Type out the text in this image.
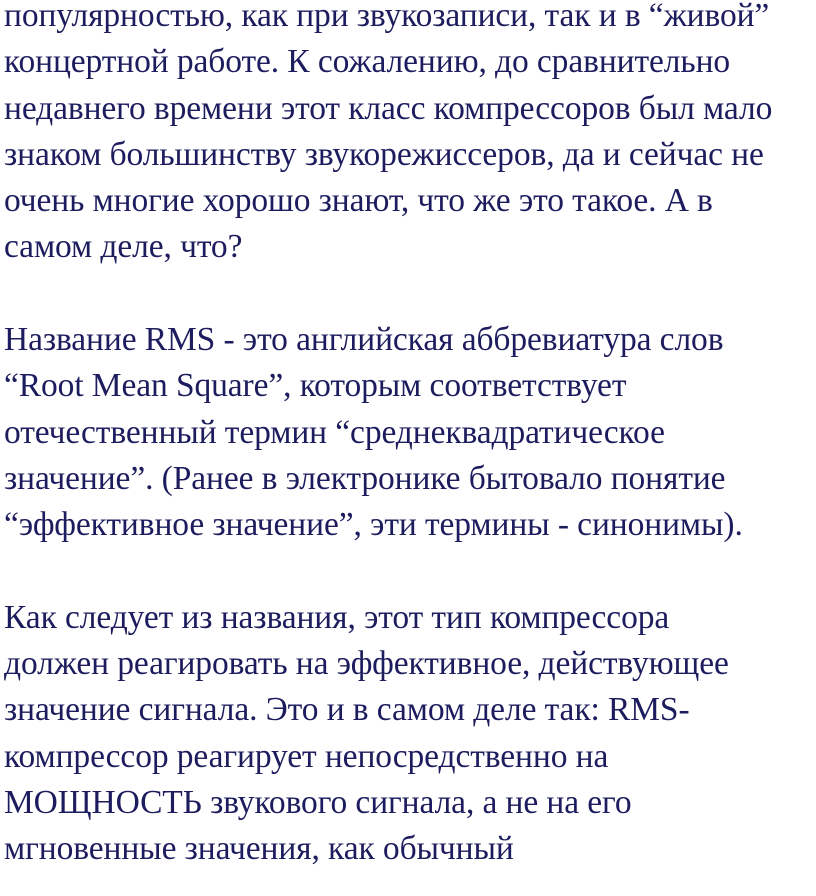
популярностью, как при звукозаписи, так и в “живой”
концертной работе. К сожалению, до сравнительно
недавнего времени этот класс компрессоров был мало
знаком большинству звукорежиссеров, да и сейчас не
очень многие хорошо знают, что же это такое. А в
самом деле, что?
Название RMS - это английская аббревиатура слов
“Root Mean Square”, которым соответствует
отечественный термин “среднеквадратическое
значение”. (Ранее в электронике бытовало понятие
“эффективное значение”, эти термины - синонимы).
Как следует из названия, этот тип компрессора
должен реагировать на эффективное, действующее
значение сигнала. Это и в самом деле так: RMS-
компрессор реагирует непосредственно на
МОЩНОСТЬ звукового сигнала, а не на его
мгновенные значения, как обычный
